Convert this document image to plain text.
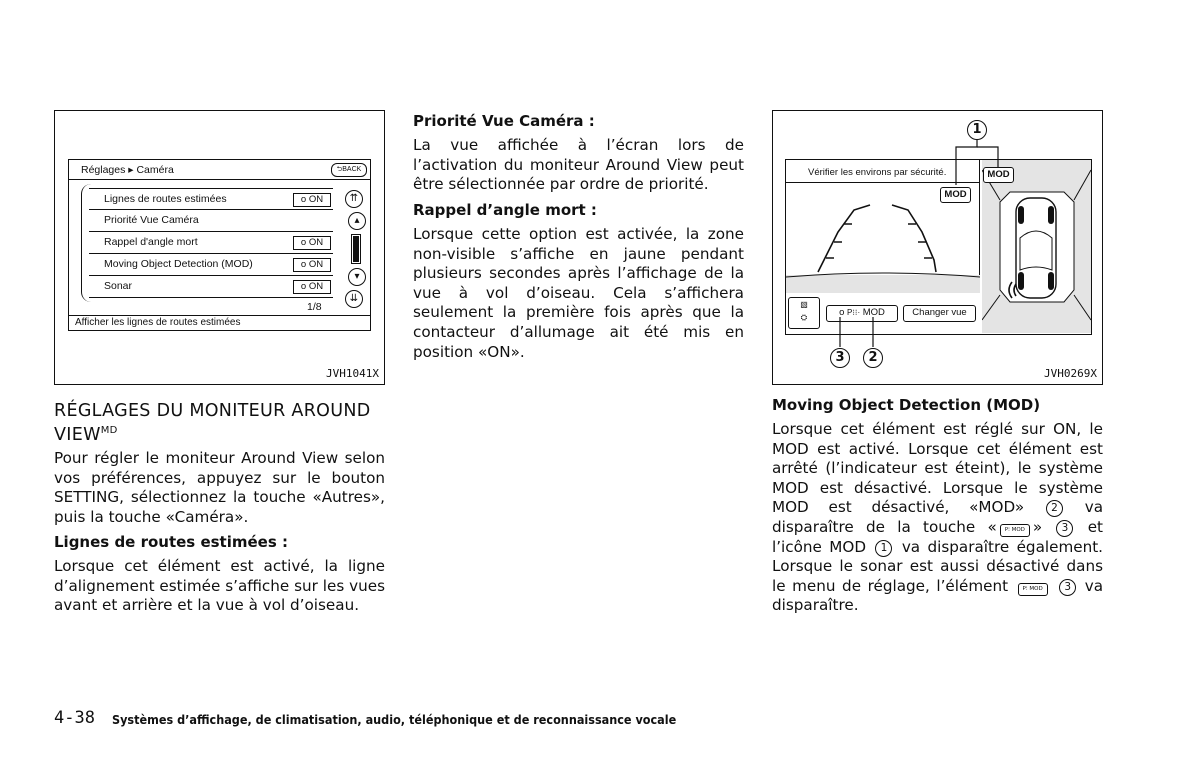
Réglages ▸ Caméra	⮌BACK
Lignes de routes estimées	o ON
Priorité Vue Caméra
Rappel d'angle mort	o ON
Moving Object Detection (MOD)	o ON
Sonar	o ON
1/8
Afficher les lignes de routes estimées
⇈
▴
▾
⇊
JVH1041X
RÉGLAGES DU MONITEUR AROUND $VIEW^{MD}$
Pour régler le moniteur Around View selon vos préférences, appuyez sur le bouton SETTING, sélectionnez la touche «Autres», puis la touche «Caméra».
Lignes de routes estimées :
Lorsque cet élément est activé, la ligne d’alignement estimée s’affiche sur les vues avant et arrière et la vue à vol d’oiseau.
Priorité Vue Caméra :
La vue affichée à l’écran lors de l’activation du moniteur Around View peut être sélectionnée par ordre de priorité.
Rappel d’angle mort :
Lorsque cette option est activée, la zone non-visible s’affiche en jaune pendant plusieurs secondes après l’affichage de la vue à vol d’oiseau. Cela s’affichera seulement la première fois après que la contacteur d’allumage ait été mis en position «ON».
Vérifier les environs par sécurité.
MOD
MOD
▧
⛭	o P⁝⁝· MOD	Changer vue
1
3	2
JVH0269X
Moving Object Detection (MOD)
Lorsque cet élément est réglé sur ON, le MOD est activé. Lorsque cet élément est arrêté (l’indicateur est éteint), le système MOD est désactivé. Lorsque le système MOD est désactivé, «MOD»	2 va disparaître de la touche « P⁝ MOD » 3 et l’icône MOD 1 va disparaître également. Lorsque le sonar est aussi désactivé dans le menu de réglage, l’élément	P⁝ MOD 3 va disparaître.
4-38 Systèmes d’affichage, de climatisation, audio, téléphonique et de reconnaissance vocale
